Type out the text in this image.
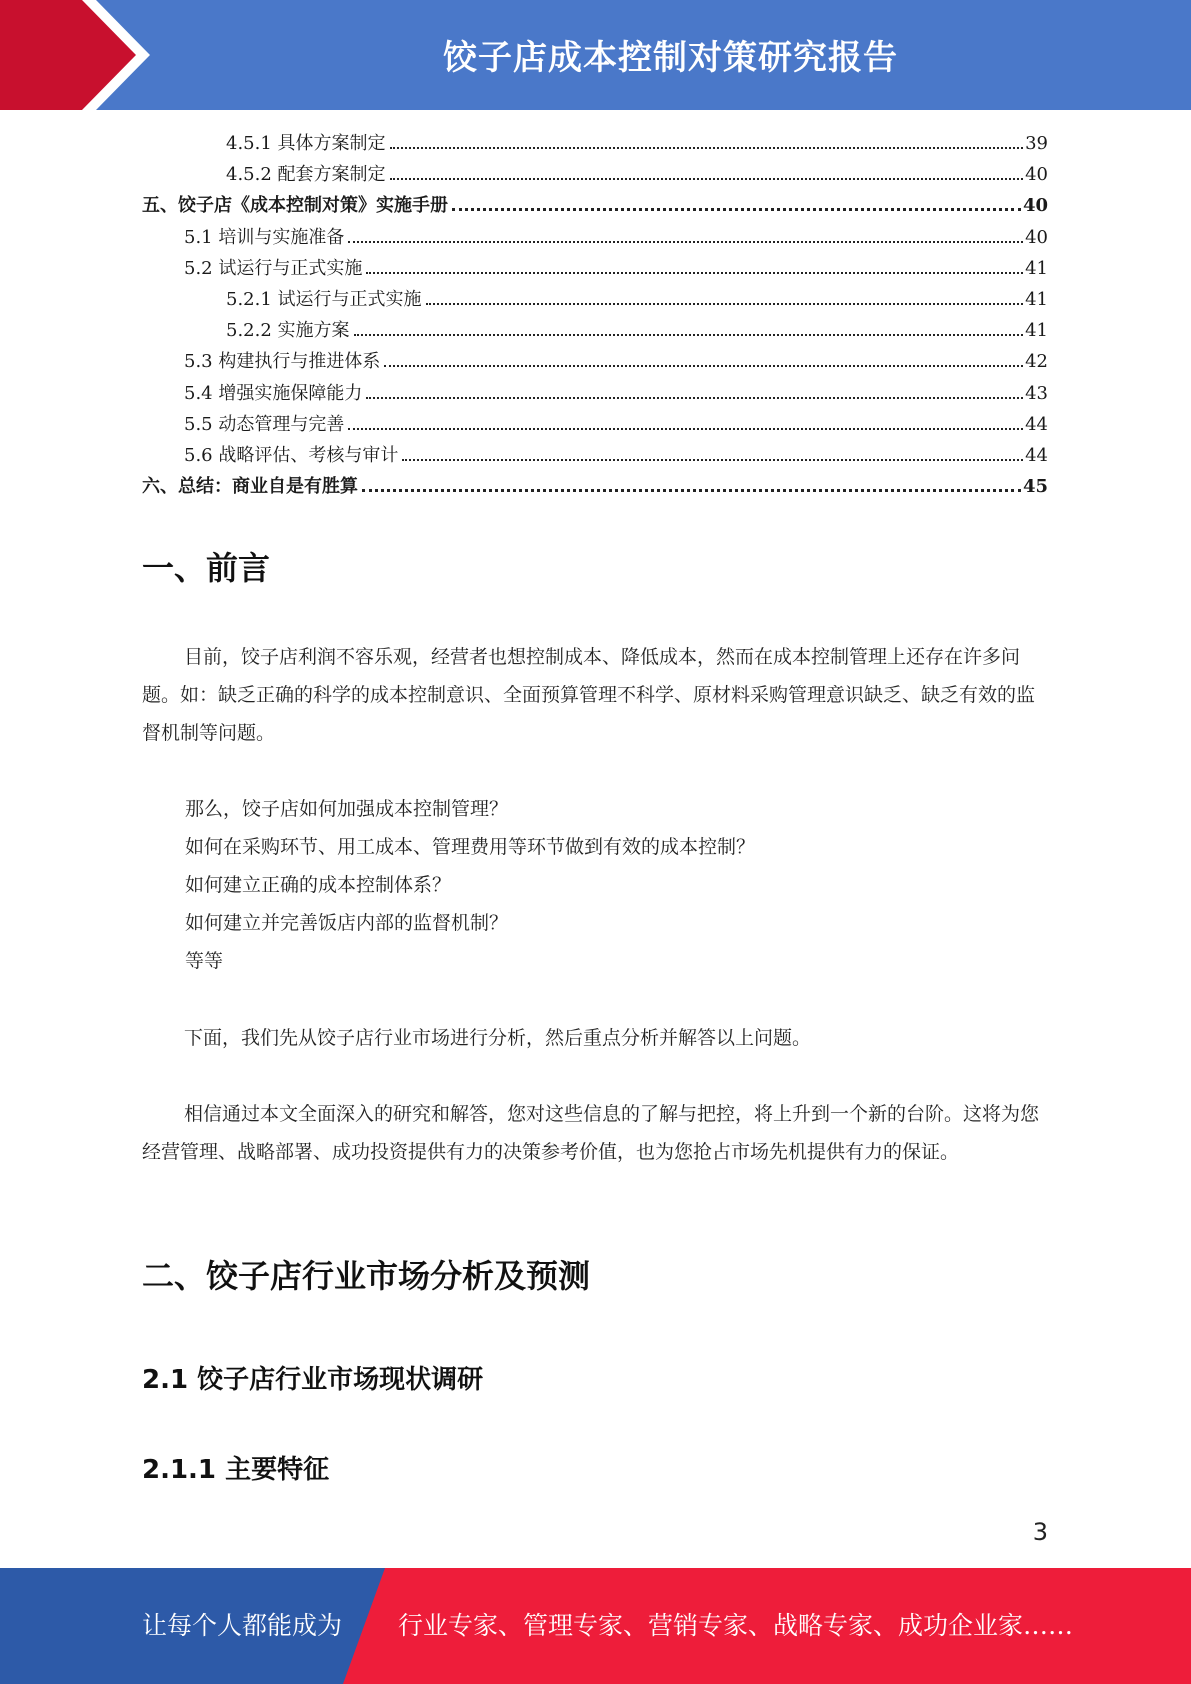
饺子店成本控制对策研究报告
4.5.1 具体方案制定	39
4.5.2 配套方案制定	40
五、饺子店《成本控制对策》实施手册	40
5.1 培训与实施准备	40
5.2 试运行与正式实施	41
5.2.1 试运行与正式实施	41
5.2.2 实施方案	41
5.3 构建执行与推进体系	42
5.4 增强实施保障能力	43
5.5 动态管理与完善	44
5.6 战略评估、考核与审计	44
六、总结：商业自是有胜算	45
一、前言
目前，饺子店利润不容乐观，经营者也想控制成本、降低成本，然而在成本控制管理上还存在许多问题。如：缺乏正确的科学的成本控制意识、全面预算管理不科学、原材料采购管理意识缺乏、缺乏有效的监督机制等问题。
那么，饺子店如何加强成本控制管理？
如何在采购环节、用工成本、管理费用等环节做到有效的成本控制？
如何建立正确的成本控制体系？
如何建立并完善饭店内部的监督机制？
等等
下面，我们先从饺子店行业市场进行分析，然后重点分析并解答以上问题。
相信通过本文全面深入的研究和解答，您对这些信息的了解与把控，将上升到一个新的台阶。这将为您经营管理、战略部署、成功投资提供有力的决策参考价值，也为您抢占市场先机提供有力的保证。
二、饺子店行业市场分析及预测
2.1 饺子店行业市场现状调研
2.1.1 主要特征
3
让每个人都能成为 行业专家、管理专家、营销专家、战略专家、成功企业家……
